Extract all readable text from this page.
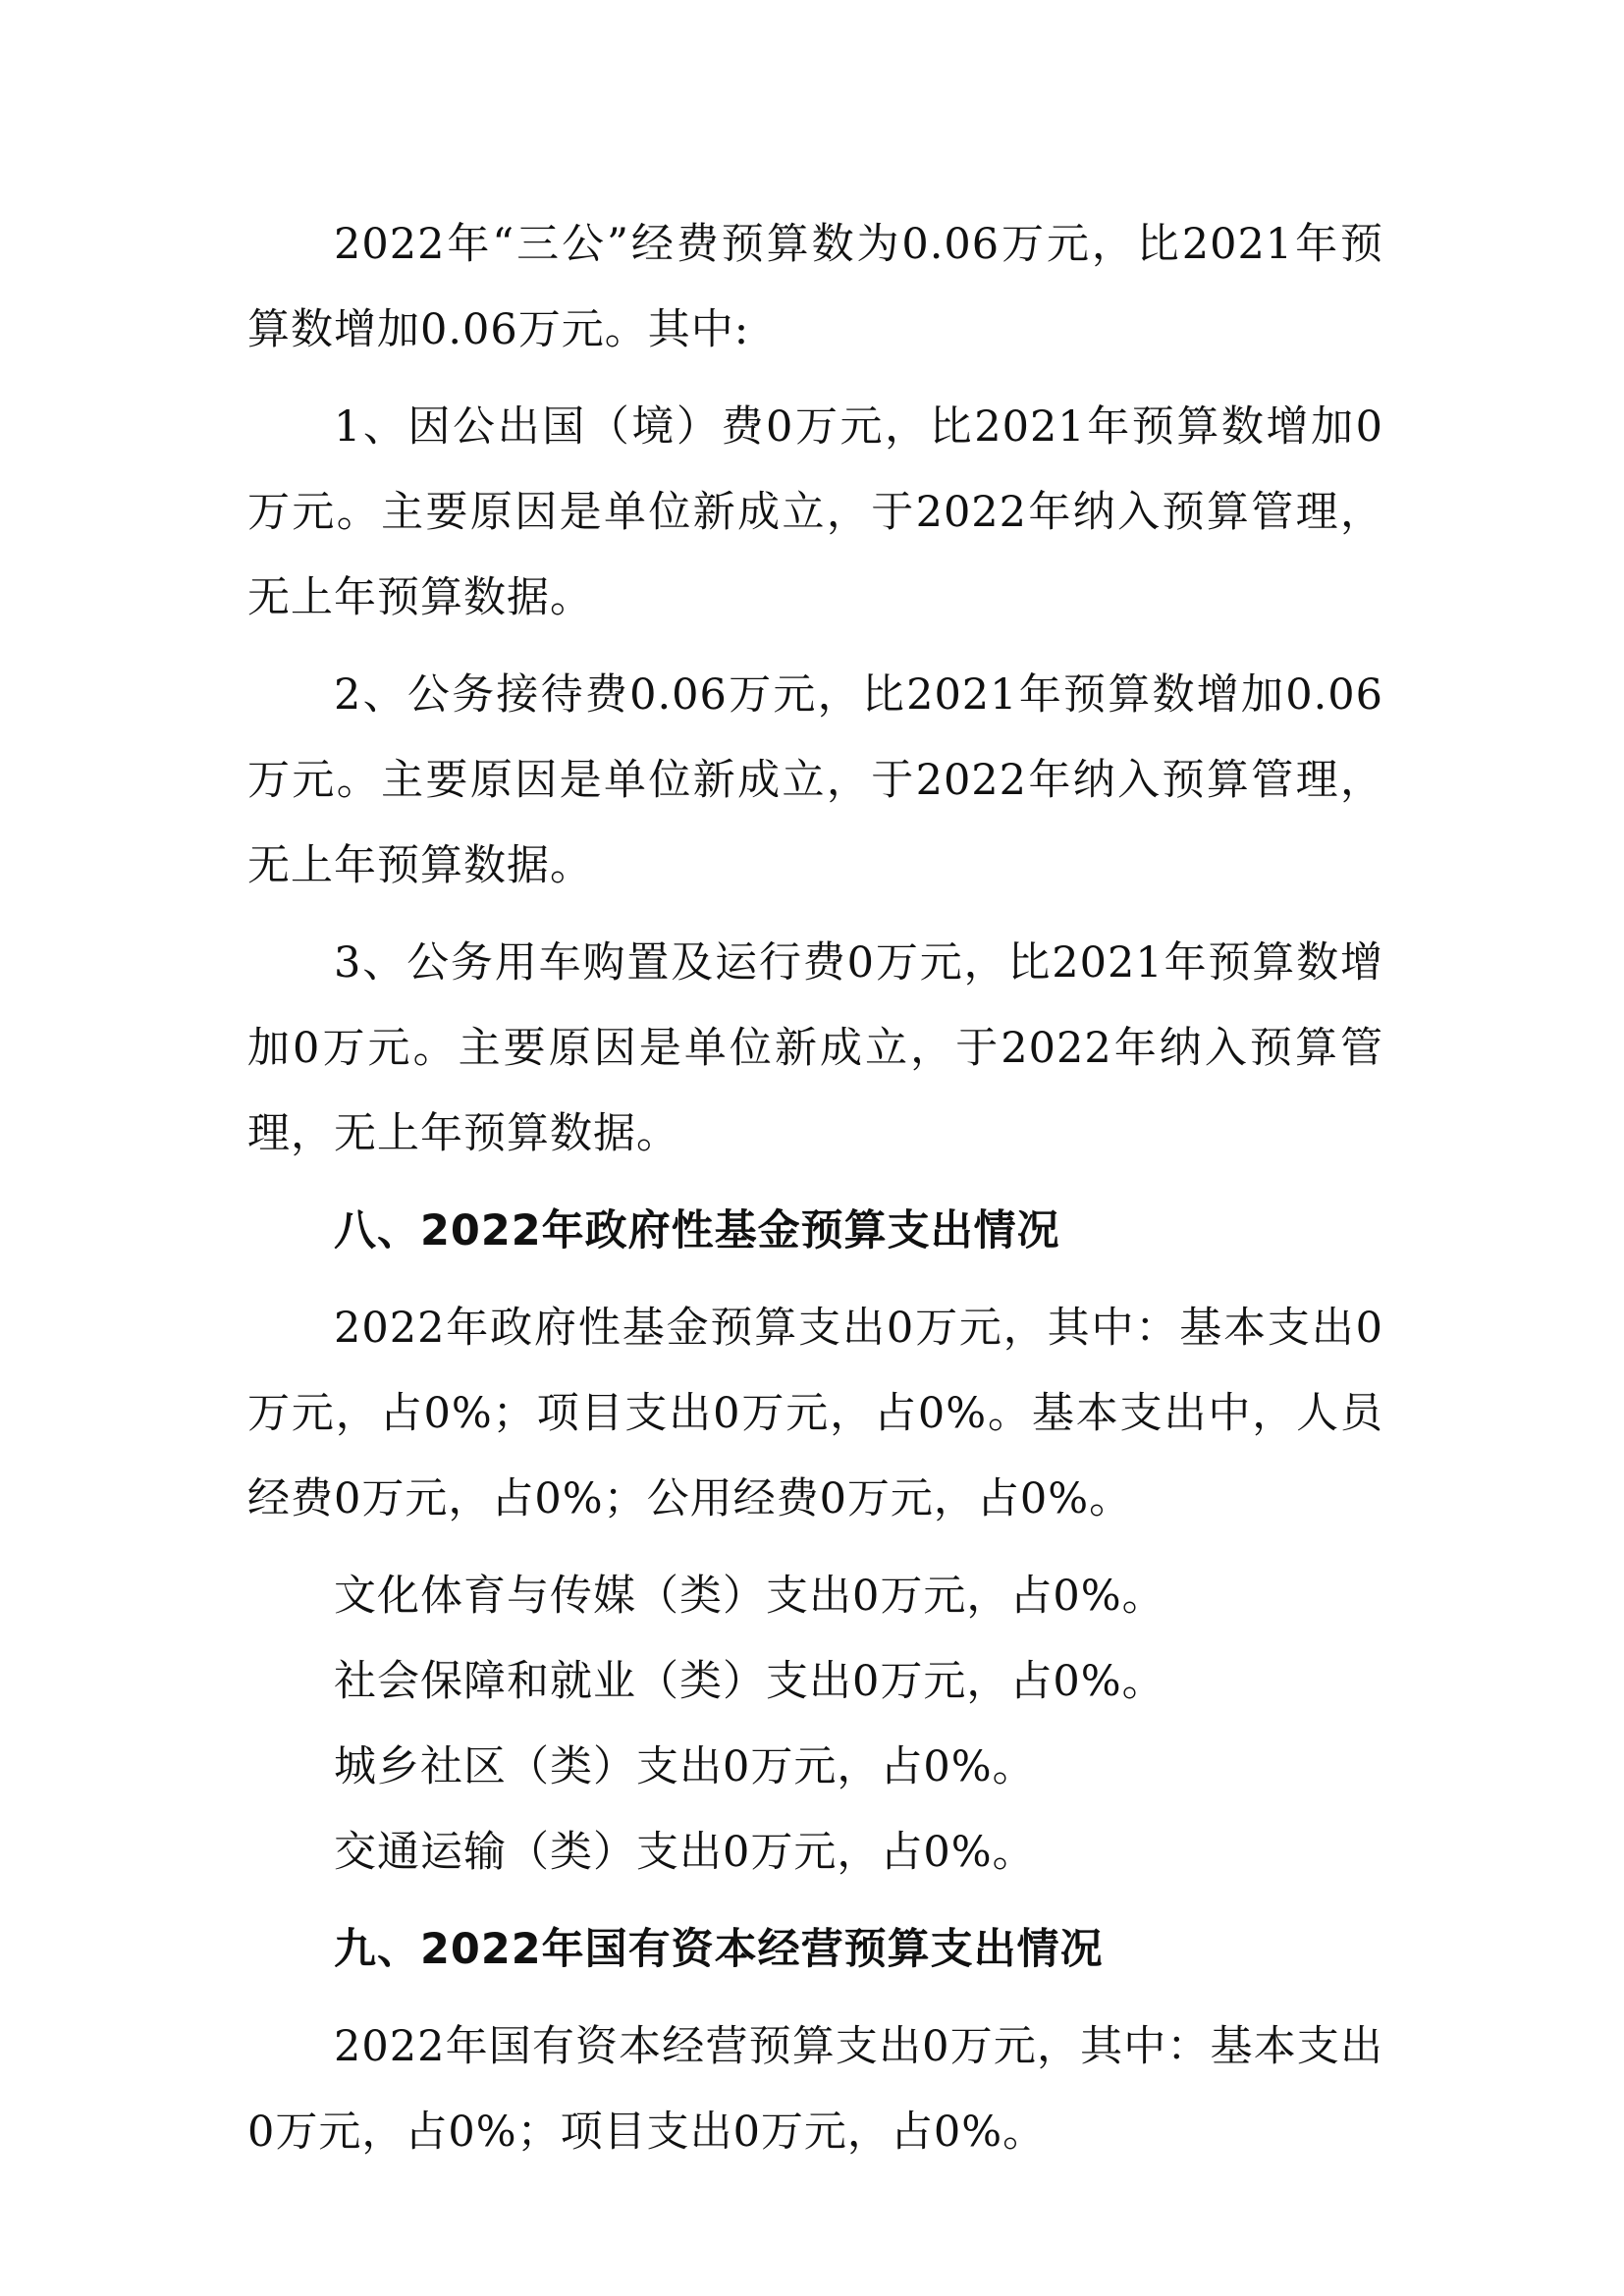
2022年“三公”经费预算数为0.06万元，比2021年预算数增加0.06万元。其中:

1、因公出国（境）费0万元，比2021年预算数增加0万元。主要原因是单位新成立，于2022年纳入预算管理，无上年预算数据。

2、公务接待费0.06万元，比2021年预算数增加0.06万元。主要原因是单位新成立，于2022年纳入预算管理，无上年预算数据。

3、公务用车购置及运行费0万元，比2021年预算数增加0万元。主要原因是单位新成立，于2022年纳入预算管理，无上年预算数据。

八、2022年政府性基金预算支出情况

2022年政府性基金预算支出0万元，其中：基本支出0万元，占0%；项目支出0万元，占0%。基本支出中，人员经费0万元，占0%；公用经费0万元，占0%。

文化体育与传媒（类）支出0万元，占0%。

社会保障和就业（类）支出0万元，占0%。

城乡社区（类）支出0万元，占0%。

交通运输（类）支出0万元，占0%。

九、2022年国有资本经营预算支出情况

2022年国有资本经营预算支出0万元，其中：基本支出0万元，占0%；项目支出0万元，占0%。
